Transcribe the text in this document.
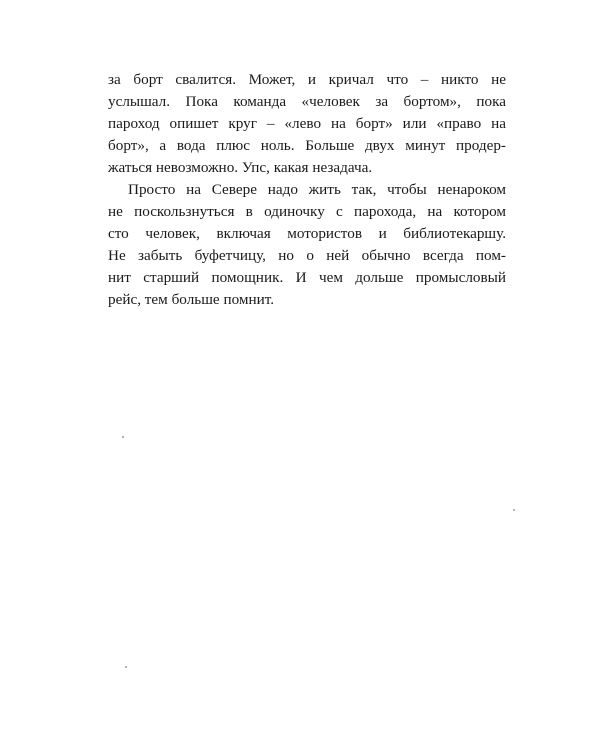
за борт свалится. Может, и кричал что – никто не
услышал. Пока команда «человек за бортом», пока
пароход опишет круг – «лево на борт» или «право на
борт», а вода плюс ноль. Больше двух минут продер-
жаться невозможно. Упс, какая незадача.
Просто на Севере надо жить так, чтобы ненароком
не поскользнуться в одиночку с парохода, на котором
сто человек, включая мотористов и библиотекаршу.
Не забыть буфетчицу, но о ней обычно всегда пом-
нит старший помощник. И чем дольше промысловый
рейс, тем больше помнит.
